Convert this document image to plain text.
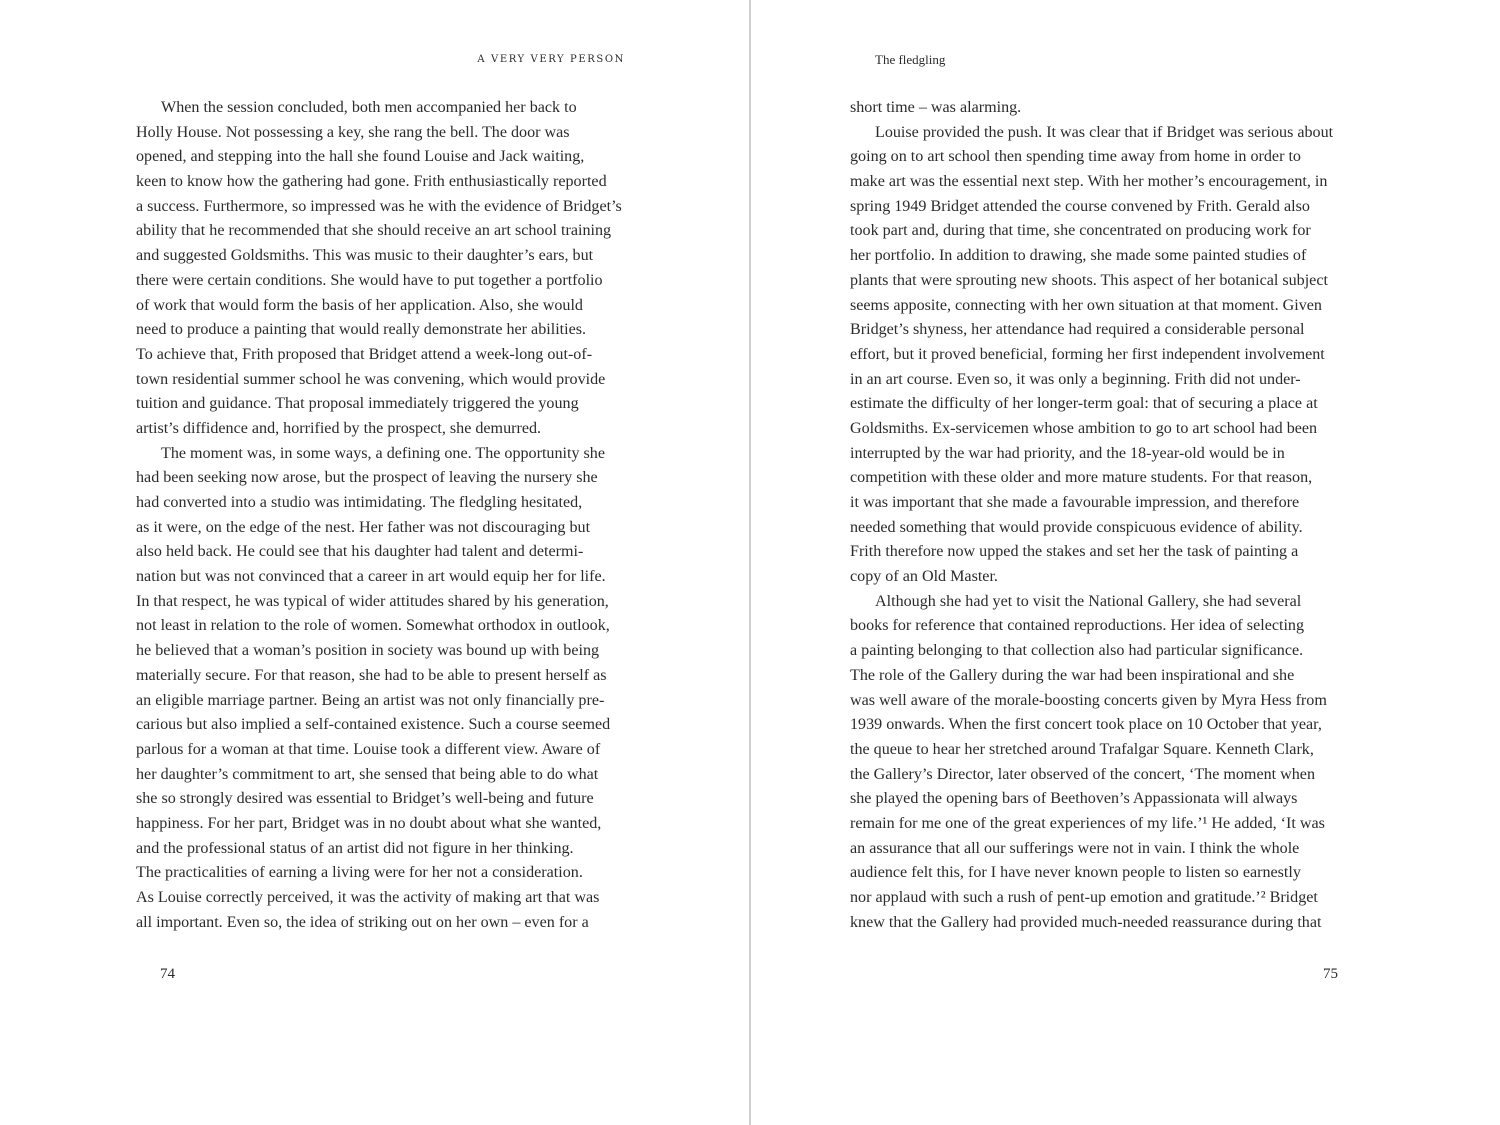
A VERY VERY PERSON
When the session concluded, both men accompanied her back to
Holly House. Not possessing a key, she rang the bell. The door was
opened, and stepping into the hall she found Louise and Jack waiting,
keen to know how the gathering had gone. Frith enthusiastically reported
a success. Furthermore, so impressed was he with the evidence of Bridget’s
ability that he recommended that she should receive an art school training
and suggested Goldsmiths. This was music to their daughter’s ears, but
there were certain conditions. She would have to put together a portfolio
of work that would form the basis of her application. Also, she would
need to produce a painting that would really demonstrate her abilities.
To achieve that, Frith proposed that Bridget attend a week-long out-of-
town residential summer school he was convening, which would provide
tuition and guidance. That proposal immediately triggered the young
artist’s diffidence and, horrified by the prospect, she demurred.
The moment was, in some ways, a defining one. The opportunity she
had been seeking now arose, but the prospect of leaving the nursery she
had converted into a studio was intimidating. The fledgling hesitated,
as it were, on the edge of the nest. Her father was not discouraging but
also held back. He could see that his daughter had talent and determi-
nation but was not convinced that a career in art would equip her for life.
In that respect, he was typical of wider attitudes shared by his generation,
not least in relation to the role of women. Somewhat orthodox in outlook,
he believed that a woman’s position in society was bound up with being
materially secure. For that reason, she had to be able to present herself as
an eligible marriage partner. Being an artist was not only financially pre-
carious but also implied a self-contained existence. Such a course seemed
parlous for a woman at that time. Louise took a different view. Aware of
her daughter’s commitment to art, she sensed that being able to do what
she so strongly desired was essential to Bridget’s well-being and future
happiness. For her part, Bridget was in no doubt about what she wanted,
and the professional status of an artist did not figure in her thinking.
The practicalities of earning a living were for her not a consideration.
As Louise correctly perceived, it was the activity of making art that was
all important. Even so, the idea of striking out on her own – even for a
74
The fledgling
short time – was alarming.
Louise provided the push. It was clear that if Bridget was serious about
going on to art school then spending time away from home in order to
make art was the essential next step. With her mother’s encouragement, in
spring 1949 Bridget attended the course convened by Frith. Gerald also
took part and, during that time, she concentrated on producing work for
her portfolio. In addition to drawing, she made some painted studies of
plants that were sprouting new shoots. This aspect of her botanical subject
seems apposite, connecting with her own situation at that moment. Given
Bridget’s shyness, her attendance had required a considerable personal
effort, but it proved beneficial, forming her first independent involvement
in an art course. Even so, it was only a beginning. Frith did not under-
estimate the difficulty of her longer-term goal: that of securing a place at
Goldsmiths. Ex-servicemen whose ambition to go to art school had been
interrupted by the war had priority, and the 18-year-old would be in
competition with these older and more mature students. For that reason,
it was important that she made a favourable impression, and therefore
needed something that would provide conspicuous evidence of ability.
Frith therefore now upped the stakes and set her the task of painting a
copy of an Old Master.
Although she had yet to visit the National Gallery, she had several
books for reference that contained reproductions. Her idea of selecting
a painting belonging to that collection also had particular significance.
The role of the Gallery during the war had been inspirational and she
was well aware of the morale-boosting concerts given by Myra Hess from
1939 onwards. When the first concert took place on 10 October that year,
the queue to hear her stretched around Trafalgar Square. Kenneth Clark,
the Gallery’s Director, later observed of the concert, ‘The moment when
she played the opening bars of Beethoven’s Appassionata will always
remain for me one of the great experiences of my life.’¹ He added, ‘It was
an assurance that all our sufferings were not in vain. I think the whole
audience felt this, for I have never known people to listen so earnestly
nor applaud with such a rush of pent-up emotion and gratitude.’² Bridget
knew that the Gallery had provided much-needed reassurance during that
75
